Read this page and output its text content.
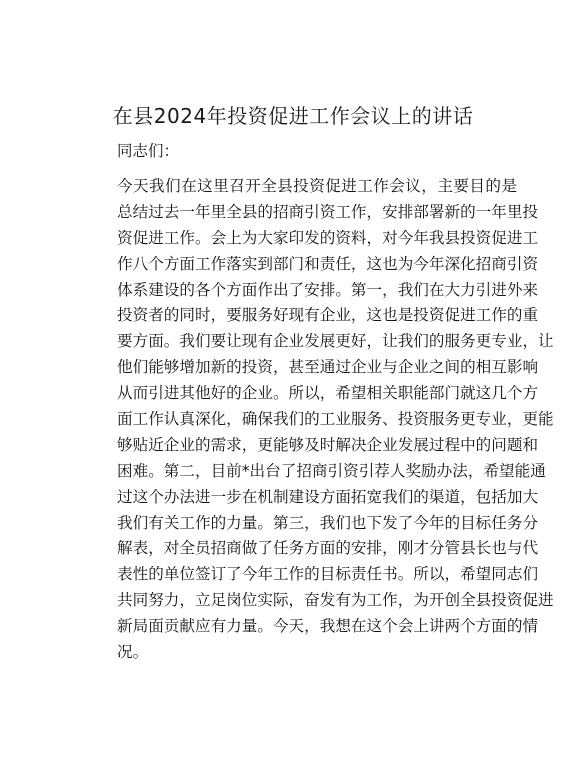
在县2024年投资促进工作会议上的讲话
同志们：
今天我们在这里召开全县投资促进工作会议，主要目的是
总结过去一年里全县的招商引资工作，安排部署新的一年里投
资促进工作。会上为大家印发的资料，对今年我县投资促进工
作八个方面工作落实到部门和责任，这也为今年深化招商引资
体系建设的各个方面作出了安排。第一，我们在大力引进外来
投资者的同时，要服务好现有企业，这也是投资促进工作的重
要方面。我们要让现有企业发展更好，让我们的服务更专业，让
他们能够增加新的投资，甚至通过企业与企业之间的相互影响
从而引进其他好的企业。所以，希望相关职能部门就这几个方
面工作认真深化，确保我们的工业服务、投资服务更专业，更能
够贴近企业的需求，更能够及时解决企业发展过程中的问题和
困难。第二，目前*出台了招商引资引荐人奖励办法，希望能通
过这个办法进一步在机制建设方面拓宽我们的渠道，包括加大
我们有关工作的力量。第三，我们也下发了今年的目标任务分
解表，对全员招商做了任务方面的安排，刚才分管县长也与代
表性的单位签订了今年工作的目标责任书。所以，希望同志们
共同努力，立足岗位实际，奋发有为工作，为开创全县投资促进
新局面贡献应有力量。今天，我想在这个会上讲两个方面的情
况。
